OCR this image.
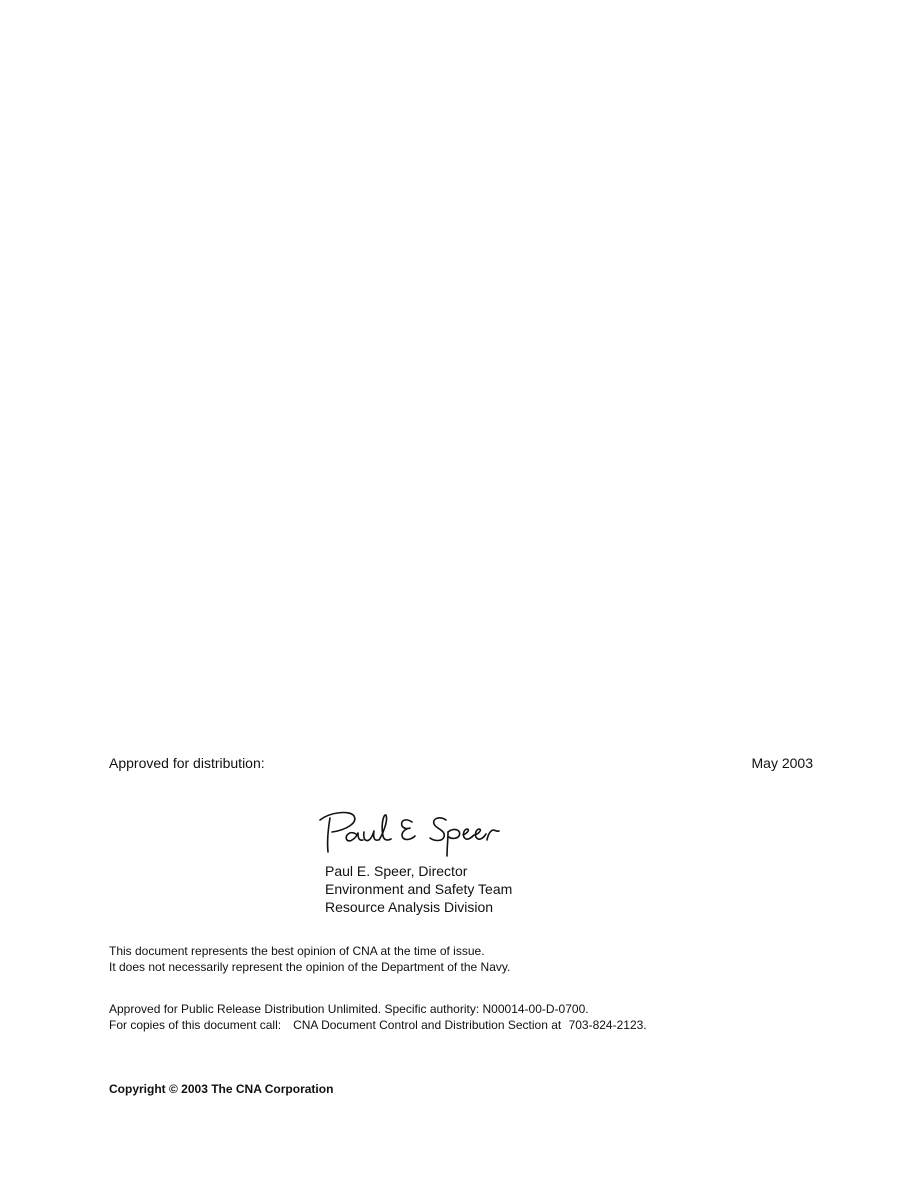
Approved for distribution:	May 2003
Paul E. Speer, Director
Environment and Safety Team
Resource Analysis Division
This document represents the best opinion of CNA at the time of issue.
It does not necessarily represent the opinion of the Department of the Navy.
Approved for Public Release Distribution Unlimited. Specific authority: N00014-00-D-0700.
For copies of this document call: CNA Document Control and Distribution Section at 703-824-2123.
Copyright © 2003 The CNA Corporation
